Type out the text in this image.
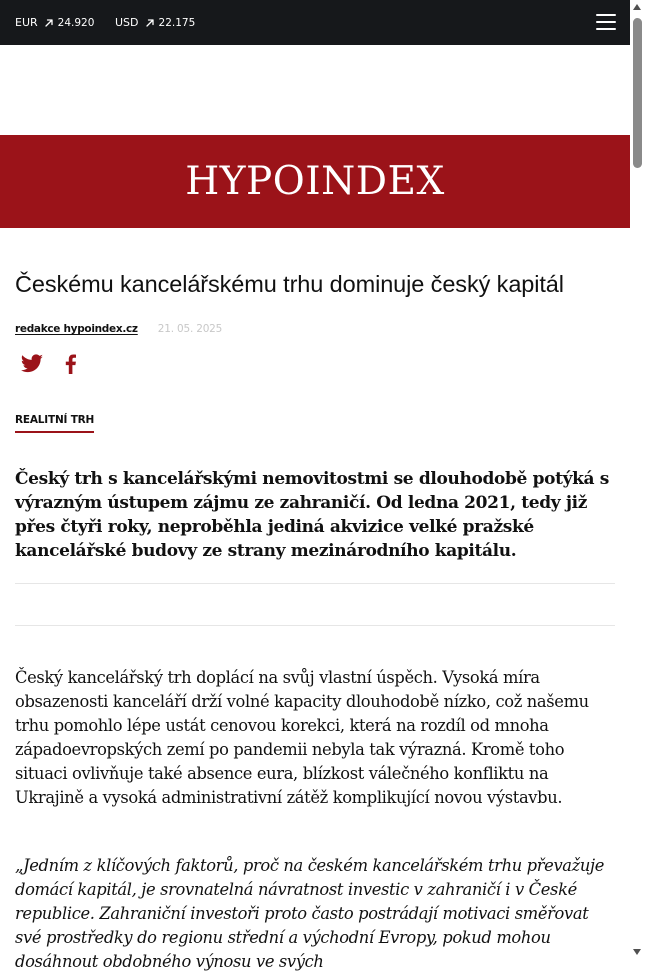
EUR 24.920 USD 22.175
HYPOINDEX
Českému kancelářskému trhu dominuje český kapitál
redakce hypoindex.cz 21. 05. 2025
REALITNÍ TRH

Český trh s kancelářskými nemovitostmi se dlouhodobě potýká s výrazným ústupem zájmu ze zahraničí. Od ledna 2021, tedy již přes čtyři roky, neproběhla jediná akvizice velké pražské kancelářské budovy ze strany mezinárodního kapitálu.

Český kancelářský trh doplácí na svůj vlastní úspěch. Vysoká míra obsazenosti kanceláří drží volné kapacity dlouhodobě nízko, což našemu trhu pomohlo lépe ustát cenovou korekci, která na rozdíl od mnoha západoevropských zemí po pandemii nebyla tak výrazná. Kromě toho situaci ovlivňuje také absence eura, blízkost válečného konfliktu na Ukrajině a vysoká administrativní zátěž komplikující novou výstavbu.

„Jedním z klíčových faktorů, proč na českém kancelářském trhu převažuje domácí kapitál, je srovnatelná návratnost investic v zahraničí i v České republice. Zahraniční investoři proto často postrádají motivaci směřovat své prostředky do regionu střední a východní Evropy, pokud mohou dosáhnout obdobného výnosu ve svých
